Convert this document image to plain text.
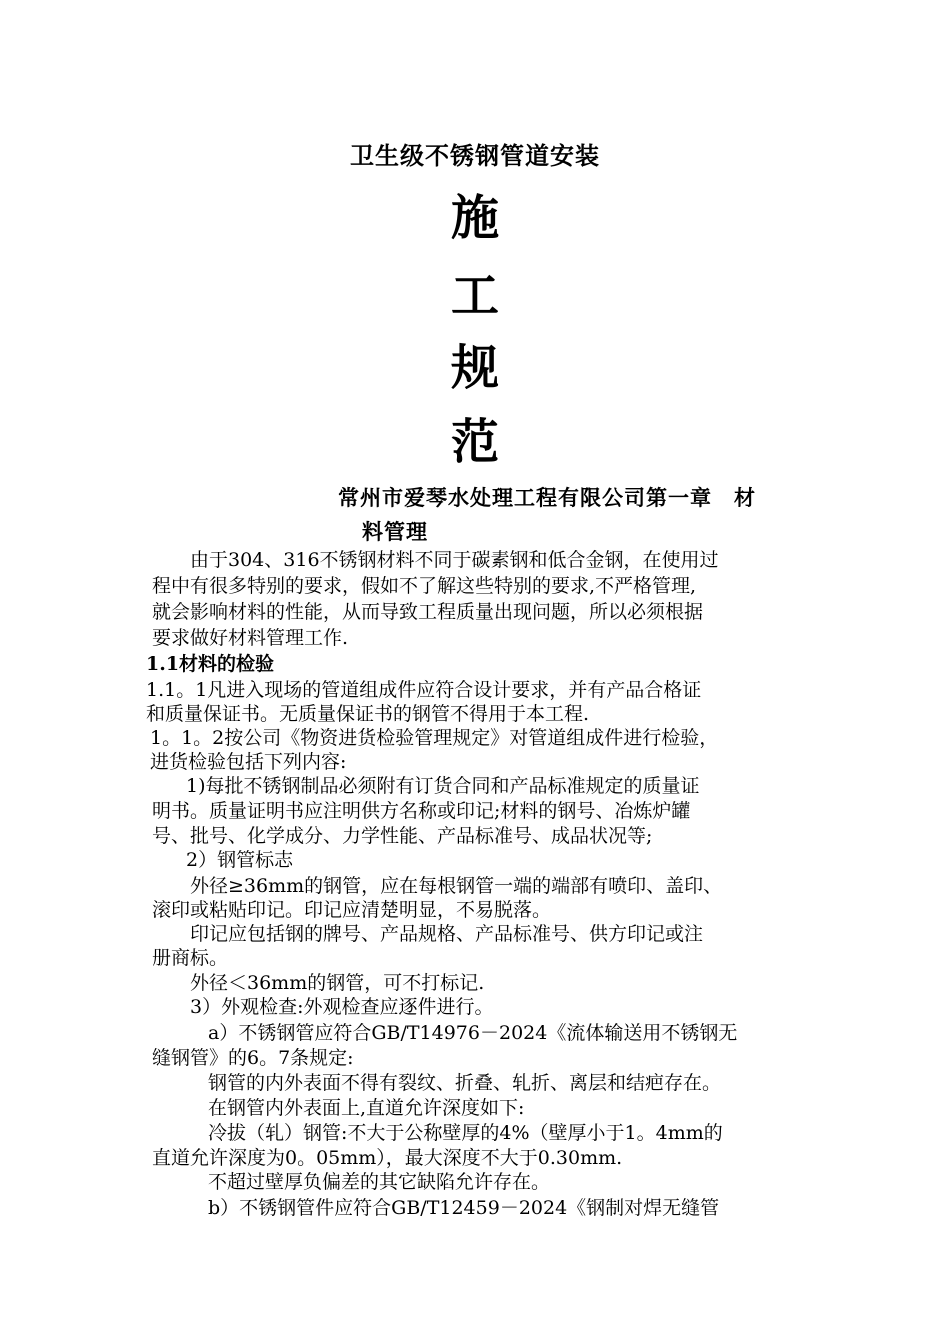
卫生级不锈钢管道安装
施
工
规
范
常州市爱琴水处理工程有限公司第一章　材
料管理
由于304、316不锈钢材料不同于碳素钢和低合金钢，在使用过
程中有很多特别的要求，假如不了解这些特别的要求,不严格管理,
就会影响材料的性能，从而导致工程质量出现问题，所以必须根据
要求做好材料管理工作.
1.1材料的检验
1.1。1凡进入现场的管道组成件应符合设计要求，并有产品合格证
和质量保证书。无质量保证书的钢管不得用于本工程.
1。1。2按公司《物资进货检验管理规定》对管道组成件进行检验，
进货检验包括下列内容:
1)每批不锈钢制品必须附有订货合同和产品标准规定的质量证
明书。质量证明书应注明供方名称或印记;材料的钢号、冶炼炉罐
号、批号、化学成分、力学性能、产品标准号、成品状况等;
2）钢管标志
外径≥36mm的钢管，应在每根钢管一端的端部有喷印、盖印、
滚印或粘贴印记。印记应清楚明显，不易脱落。
印记应包括钢的牌号、产品规格、产品标准号、供方印记或注
册商标。
外径＜36mm的钢管，可不打标记.
3）外观检查:外观检查应逐件进行。
a）不锈钢管应符合GB/T14976－2024《流体输送用不锈钢无
缝钢管》的6。7条规定:
钢管的内外表面不得有裂纹、折叠、轧折、离层和结疤存在。
在钢管内外表面上,直道允许深度如下:
冷拔（轧）钢管:不大于公称壁厚的4%（壁厚小于1。4mm的
直道允许深度为0。05mm），最大深度不大于0.30mm.
不超过壁厚负偏差的其它缺陷允许存在。
b）不锈钢管件应符合GB/T12459－2024《钢制对焊无缝管
